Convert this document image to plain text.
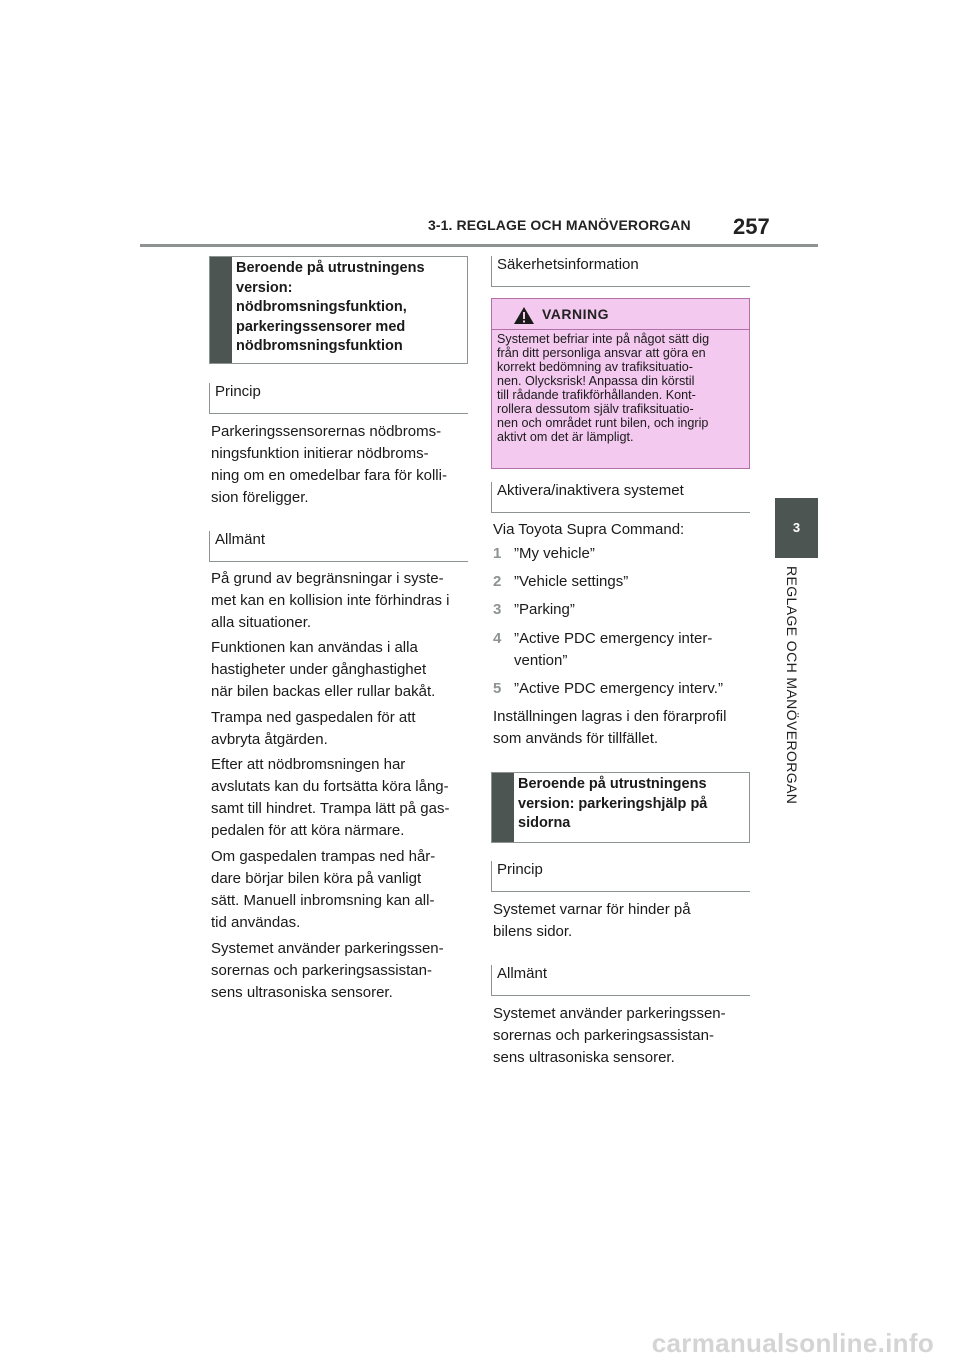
3-1. REGLAGE OCH MANÖVERORGAN 257
3
REGLAGE OCH MANÖVERORGAN
Beroende på utrustningens
version:
nödbromsningsfunktion,
parkeringssensorer med
nödbromsningsfunktion
Princip
Parkeringssensorernas nödbroms-
ningsfunktion initierar nödbroms-
ning om en omedelbar fara för kolli-
sion föreligger.
Allmänt
På grund av begränsningar i syste-
met kan en kollision inte förhindras i
alla situationer.
Funktionen kan användas i alla
hastigheter under gånghastighet
när bilen backas eller rullar bakåt.
Trampa ned gaspedalen för att
avbryta åtgärden.
Efter att nödbromsningen har
avslutats kan du fortsätta köra lång-
samt till hindret. Trampa lätt på gas-
pedalen för att köra närmare.
Om gaspedalen trampas ned hår-
dare börjar bilen köra på vanligt
sätt. Manuell inbromsning kan all-
tid användas.
Systemet använder parkeringssen-
sorernas och parkeringsassistan-
sens ultrasoniska sensorer.
Säkerhetsinformation
VARNING
Systemet befriar inte på något sätt dig
från ditt personliga ansvar att göra en
korrekt bedömning av trafiksituatio-
nen. Olycksrisk! Anpassa din körstil
till rådande trafikförhållanden. Kont-
rollera dessutom själv trafiksituatio-
nen och området runt bilen, och ingrip
aktivt om det är lämpligt.
Aktivera/inaktivera systemet
Via Toyota Supra Command:
1 ”My vehicle”
2 ”Vehicle settings”
3 ”Parking”
4 ”Active PDC emergency inter-
vention”
5 ”Active PDC emergency interv.”
Inställningen lagras i den förarprofil
som används för tillfället.
Beroende på utrustningens
version: parkeringshjälp på
sidorna
Princip
Systemet varnar för hinder på
bilens sidor.
Allmänt
Systemet använder parkeringssen-
sorernas och parkeringsassistan-
sens ultrasoniska sensorer.
carmanualsonline.info
